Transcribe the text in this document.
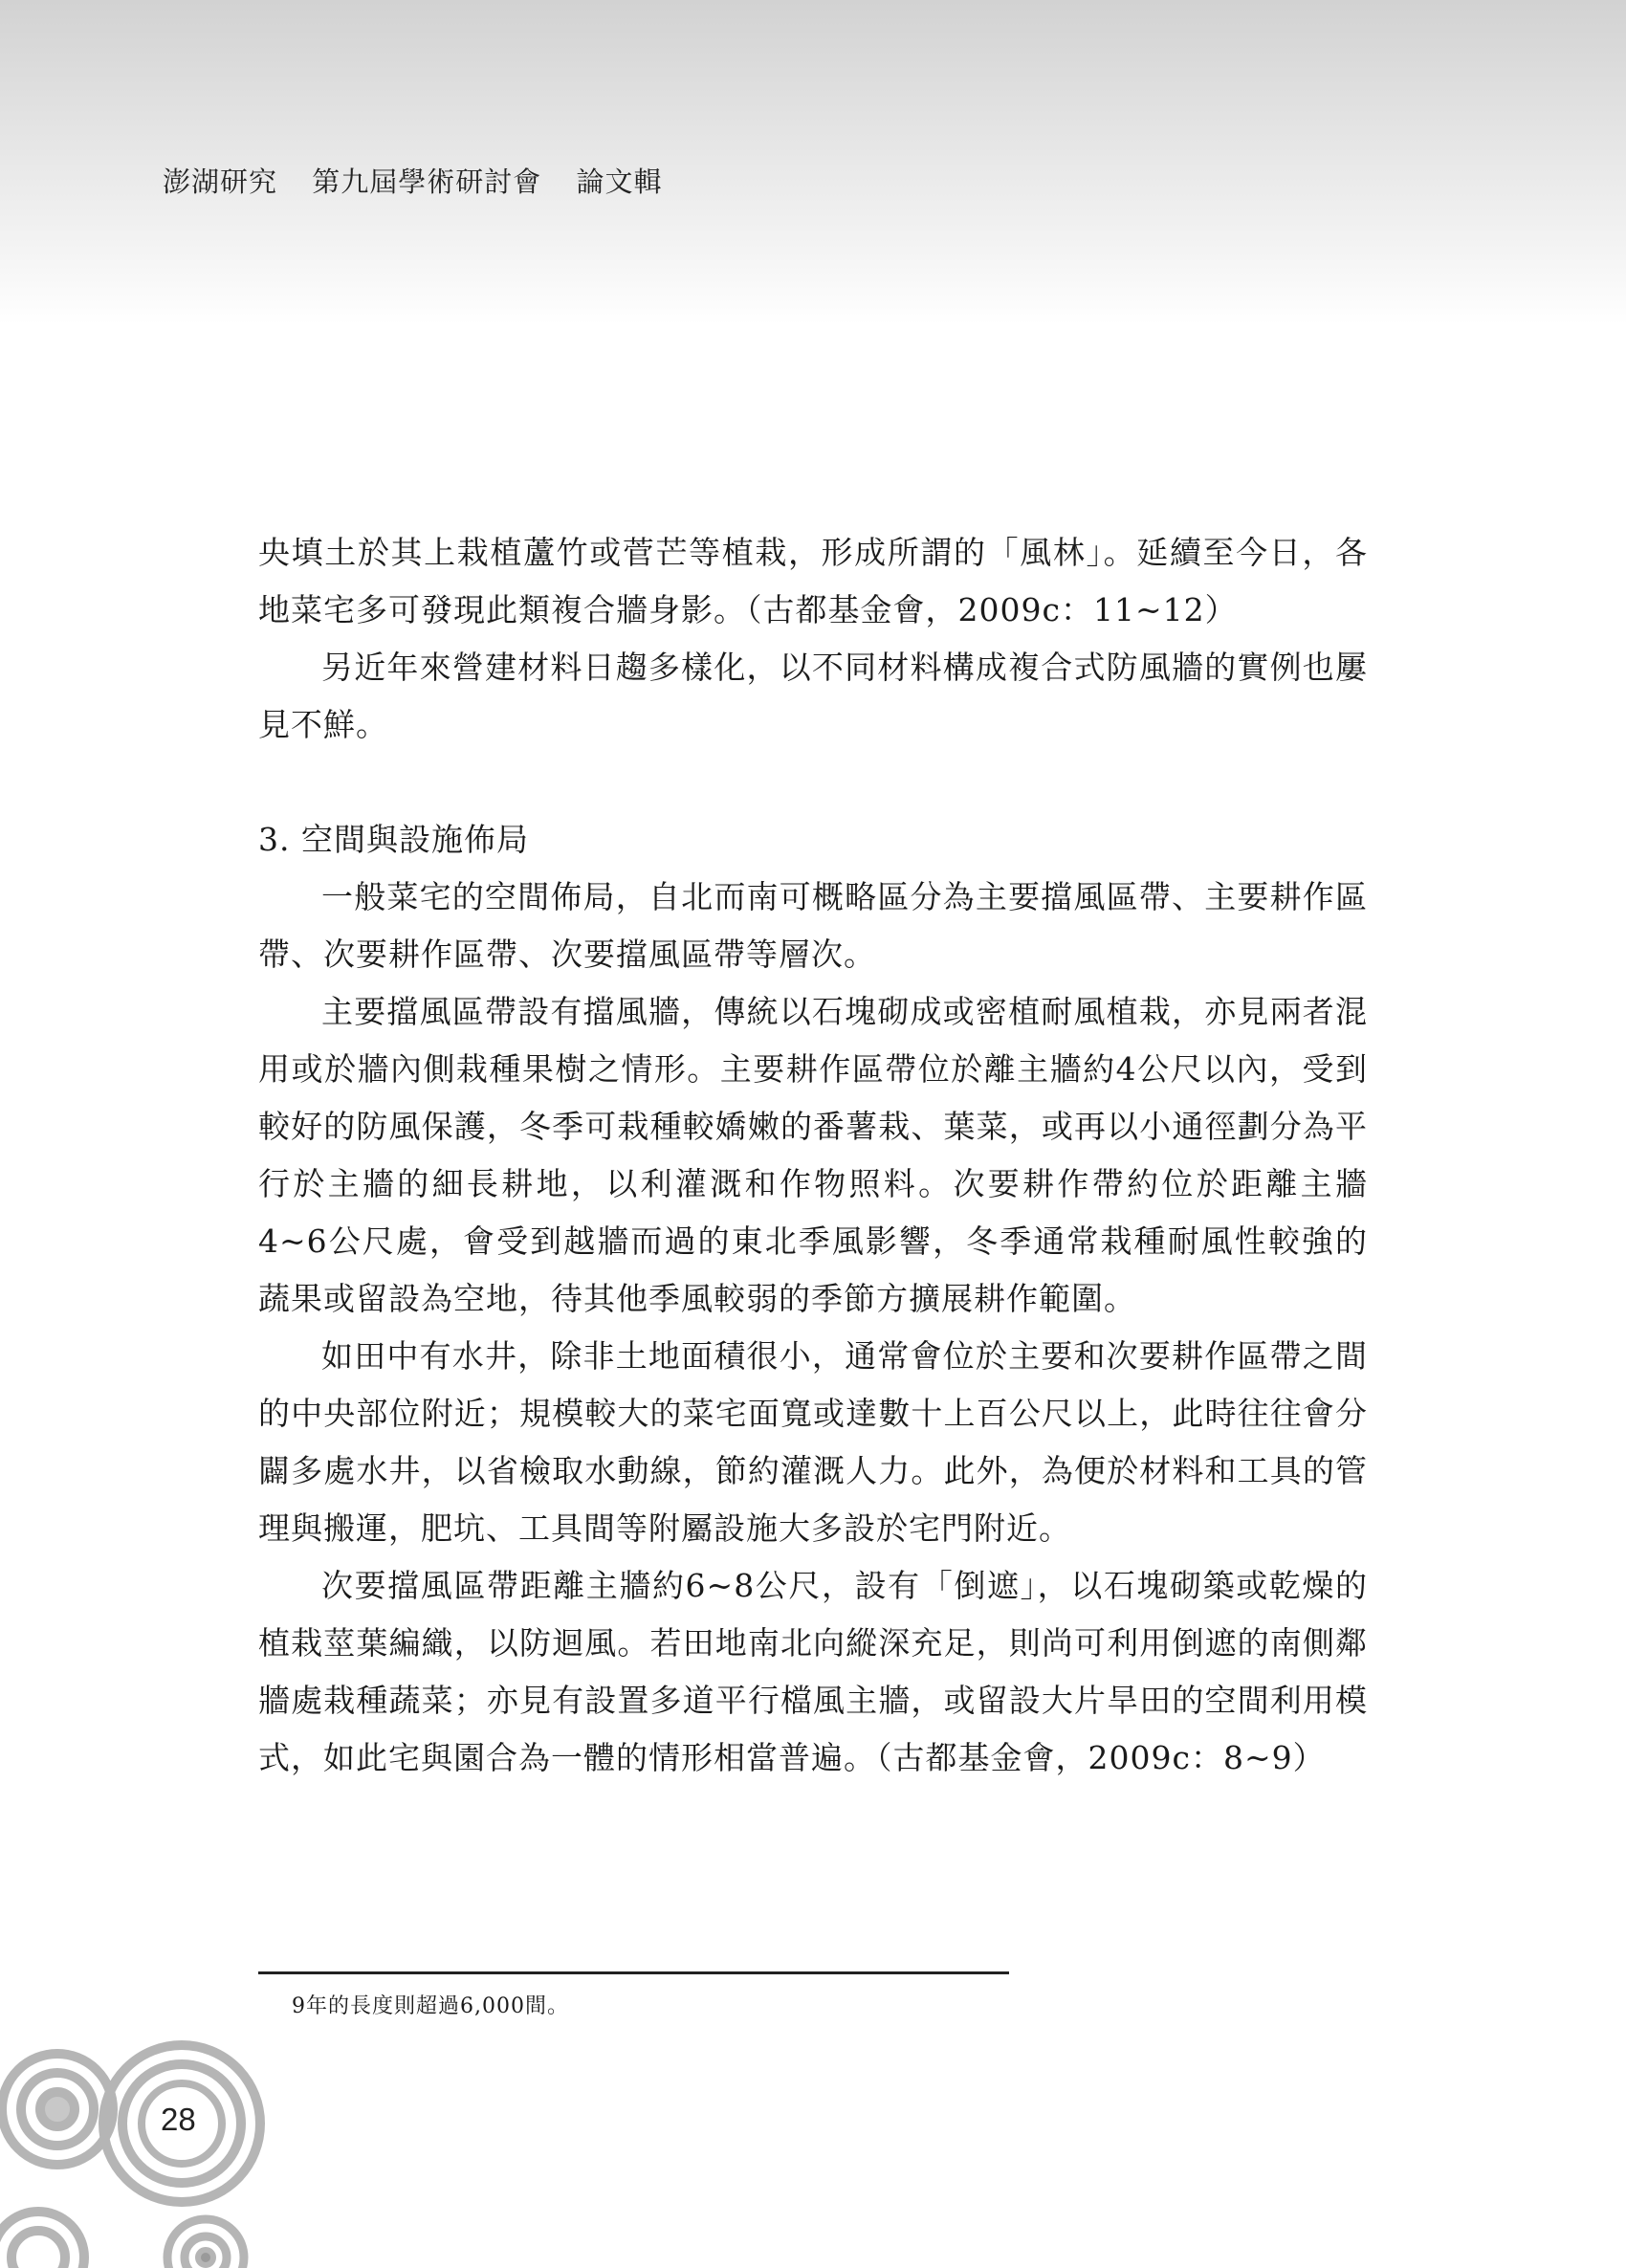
澎湖研究 第九屆學術研討會 論文輯

央填土於其上栽植蘆竹或菅芒等植栽，形成所謂的「風林」。延續至今日，各地菜宅多可發現此類複合牆身影。（古都基金會，2009c：11~12）

另近年來營建材料日趨多樣化，以不同材料構成複合式防風牆的實例也屢見不鮮。

3. 空間與設施佈局

一般菜宅的空間佈局，自北而南可概略區分為主要擋風區帶、主要耕作區帶、次要耕作區帶、次要擋風區帶等層次。

主要擋風區帶設有擋風牆，傳統以石塊砌成或密植耐風植栽，亦見兩者混用或於牆內側栽種果樹之情形。主要耕作區帶位於離主牆約4公尺以內，受到較好的防風保護，冬季可栽種較嬌嫩的番薯栽、葉菜，或再以小通徑劃分為平行於主牆的細長耕地，以利灌溉和作物照料。次要耕作帶約位於距離主牆4~6公尺處，會受到越牆而過的東北季風影響，冬季通常栽種耐風性較強的蔬果或留設為空地，待其他季風較弱的季節方擴展耕作範圍。

如田中有水井，除非土地面積很小，通常會位於主要和次要耕作區帶之間的中央部位附近；規模較大的菜宅面寬或達數十上百公尺以上，此時往往會分闢多處水井，以省檢取水動線，節約灌溉人力。此外，為便於材料和工具的管理與搬運，肥坑、工具間等附屬設施大多設於宅門附近。

次要擋風區帶距離主牆約6~8公尺，設有「倒遮」，以石塊砌築或乾燥的植栽莖葉編織，以防迴風。若田地南北向縱深充足，則尚可利用倒遮的南側鄰牆處栽種蔬菜；亦見有設置多道平行檔風主牆，或留設大片旱田的空間利用模式，如此宅與園合為一體的情形相當普遍。（古都基金會，2009c：8~9）

9年的長度則超過6,000間。
28
